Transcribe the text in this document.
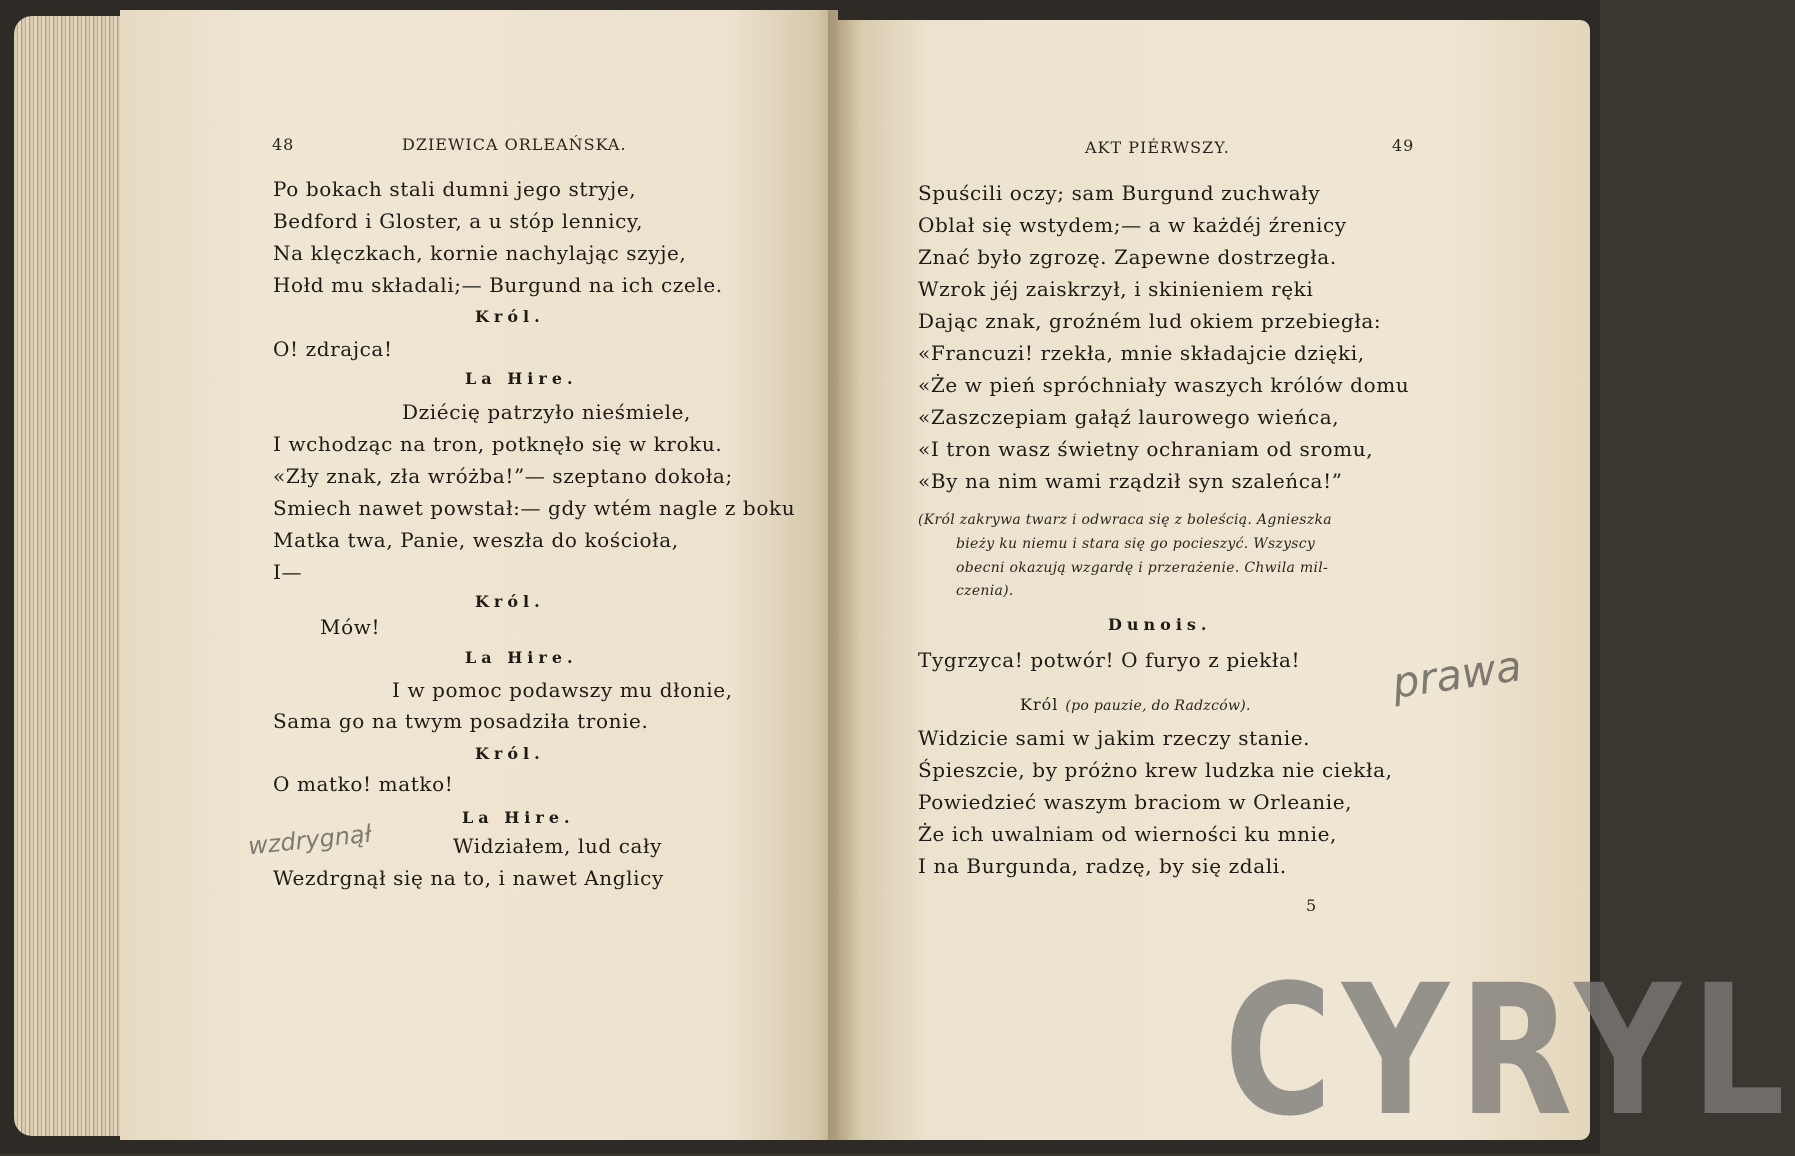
48	DZIEWICA ORLEAŃSKA.
Po bokach stali dumni jego stryje,
Bedford i Gloster, a u stóp lennicy,
Na klęczkach, kornie nachylając szyje,
Hołd mu składali;— Burgund na ich czele.
Król.
O! zdrajca!
La Hire.
Dziécię patrzyło nieśmiele,
I wchodząc na tron, potknęło się w kroku.
«Zły znak, zła wróżba!”— szeptano dokoła;
Smiech nawet powstał:— gdy wtém nagle z boku
Matka twa, Panie, weszła do kościoła,
I—
Król.
Mów!
La Hire.
I w pomoc podawszy mu dłonie,
Sama go na twym posadziła tronie.
Król.
O matko! matko!
La Hire.
Widziałem, lud cały
Wezdrgnął się na to, i nawet Anglicy
wzdrygnął
AKT PIÉRWSZY.	49
Spuścili oczy; sam Burgund zuchwały
Oblał się wstydem;— a w każdéj źrenicy
Znać było zgrozę. Zapewne dostrzegła.
Wzrok jéj zaiskrzył, i skinieniem ręki
Dając znak, groźném lud okiem przebiegła:
«Francuzi! rzekła, mnie składajcie dzięki,
«Że w pień spróchniały waszych królów domu
«Zaszczepiam gałąź laurowego wieńca,
«I tron wasz świetny ochraniam od sromu,
«By na nim wami rządził syn szaleńca!”
(Król zakrywa twarz i odwraca się z boleścią. Agnieszka
bieży ku niemu i stara się go pocieszyć. Wszyscy
obecni okazują wzgardę i przerażenie. Chwila mil-
czenia).
Dunois.
Tygrzyca! potwór! O furyo z piekła!
Król (po pauzie, do Radzców).
Widzicie sami w jakim rzeczy stanie.
Śpieszcie, by próżno krew ludzka nie ciekła,
Powiedzieć waszym braciom w Orleanie,
Że ich uwalniam od wierności ku mnie,
I na Burgunda, radzę, by się zdali.
5
prawa
CYRYL
